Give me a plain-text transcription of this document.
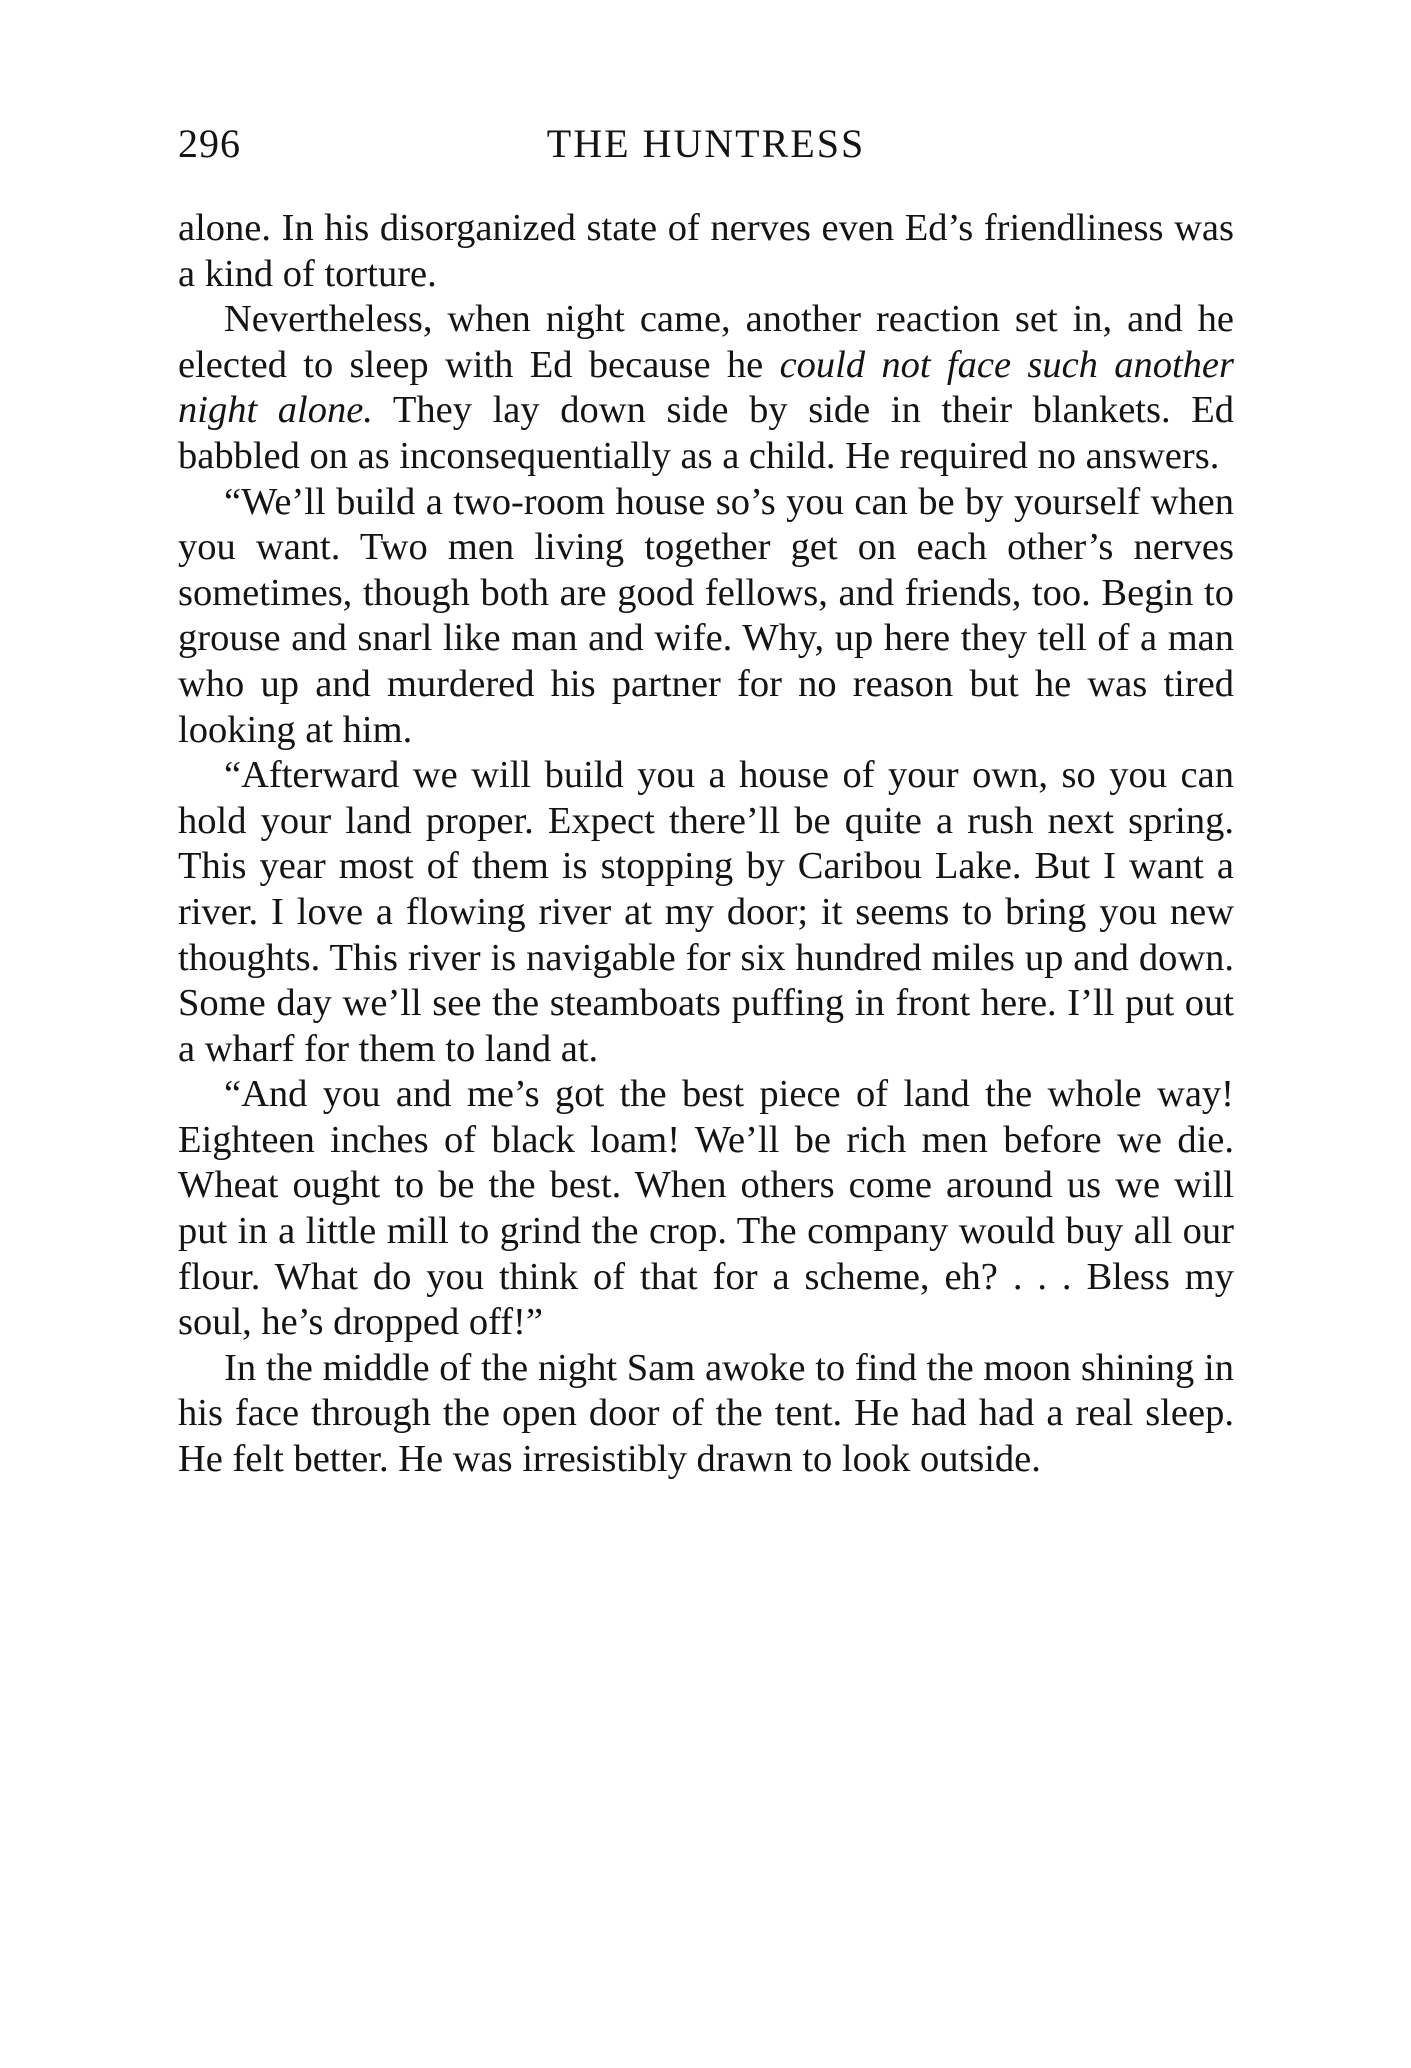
296	THE HUNTRESS

alone. In his disorganized state of nerves even Ed’s friendliness was a kind of torture.

Nevertheless, when night came, another reaction set in, and he elected to sleep with Ed because he could not face such another night alone. They lay down side by side in their blankets. Ed babbled on as inconsequentially as a child. He required no answers.

“We’ll build a two-room house so’s you can be by yourself when you want. Two men living together get on each other’s nerves sometimes, though both are good fellows, and friends, too. Begin to grouse and snarl like man and wife. Why, up here they tell of a man who up and murdered his partner for no reason but he was tired looking at him.

“Afterward we will build you a house of your own, so you can hold your land proper. Expect there’ll be quite a rush next spring. This year most of them is stopping by Caribou Lake. But I want a river. I love a flowing river at my door; it seems to bring you new thoughts. This river is navigable for six hundred miles up and down. Some day we’ll see the steamboats puffing in front here. I’ll put out a wharf for them to land at.

“And you and me’s got the best piece of land the whole way! Eighteen inches of black loam! We’ll be rich men before we die. Wheat ought to be the best. When others come around us we will put in a little mill to grind the crop. The company would buy all our flour. What do you think of that for a scheme, eh? . . . Bless my soul, he’s dropped off!”

In the middle of the night Sam awoke to find the moon shining in his face through the open door of the tent. He had had a real sleep. He felt better. He was irresistibly drawn to look outside.
